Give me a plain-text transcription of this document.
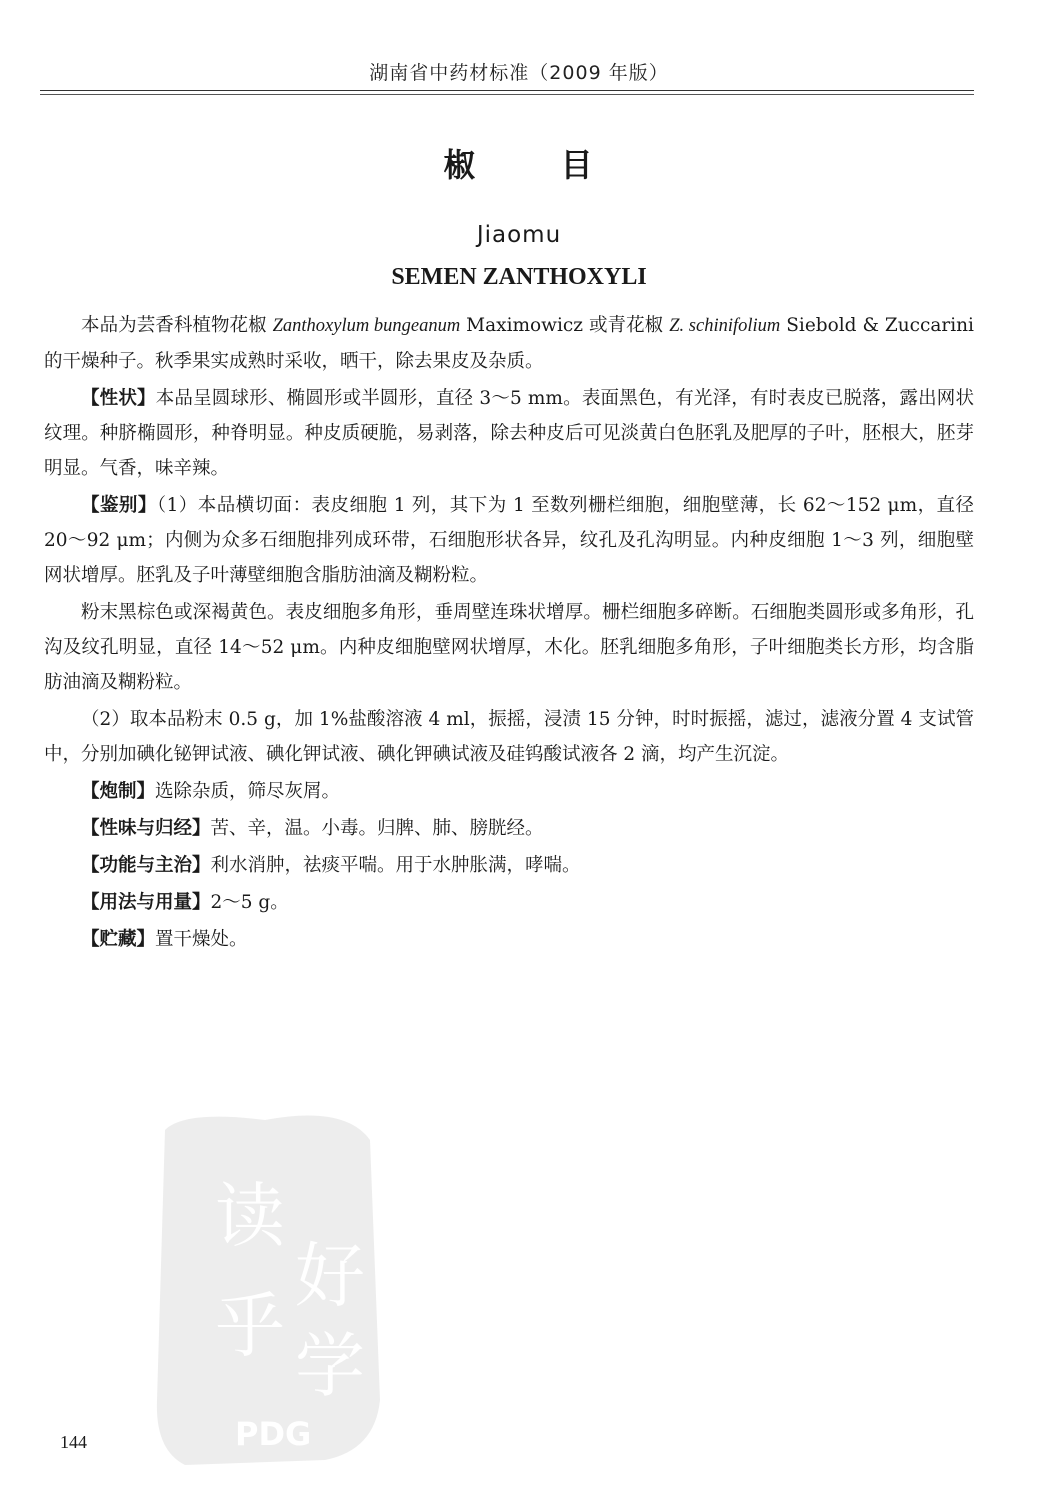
湖南省中药材标准（2009 年版）
椒 目
Jiaomu
SEMEN ZANTHOXYLI

本品为芸香科植物花椒 Zanthoxylum bungeanum Maximowicz 或青花椒 Z. schinifolium Siebold & Zuccarini 的干燥种子。秋季果实成熟时采收，晒干，除去果皮及杂质。

【性状】本品呈圆球形、椭圆形或半圆形，直径 3～5 mm。表面黑色，有光泽，有时表皮已脱落，露出网状纹理。种脐椭圆形，种脊明显。种皮质硬脆，易剥落，除去种皮后可见淡黄白色胚乳及肥厚的子叶，胚根大，胚芽明显。气香，味辛辣。

【鉴别】（1）本品横切面：表皮细胞 1 列，其下为 1 至数列栅栏细胞，细胞壁薄，长 62～152 μm，直径 20～92 μm；内侧为众多石细胞排列成环带，石细胞形状各异，纹孔及孔沟明显。内种皮细胞 1～3 列，细胞壁网状增厚。胚乳及子叶薄壁细胞含脂肪油滴及糊粉粒。

粉末黑棕色或深褐黄色。表皮细胞多角形，垂周壁连珠状增厚。栅栏细胞多碎断。石细胞类圆形或多角形，孔沟及纹孔明显，直径 14～52 μm。内种皮细胞壁网状增厚，木化。胚乳细胞多角形，子叶细胞类长方形，均含脂肪油滴及糊粉粒。

（2）取本品粉末 0.5 g，加 1%盐酸溶液 4 ml，振摇，浸渍 15 分钟，时时振摇，滤过，滤液分置 4 支试管中，分别加碘化铋钾试液、碘化钾试液、碘化钾碘试液及硅钨酸试液各 2 滴，均产生沉淀。

【炮制】选除杂质，筛尽灰屑。

【性味与归经】苦、辛，温。小毒。归脾、肺、膀胱经。

【功能与主治】利水消肿，祛痰平喘。用于水肿胀满，哮喘。

【用法与用量】2～5 g。

【贮藏】置干燥处。

读
好
乎 学
PDG
144
